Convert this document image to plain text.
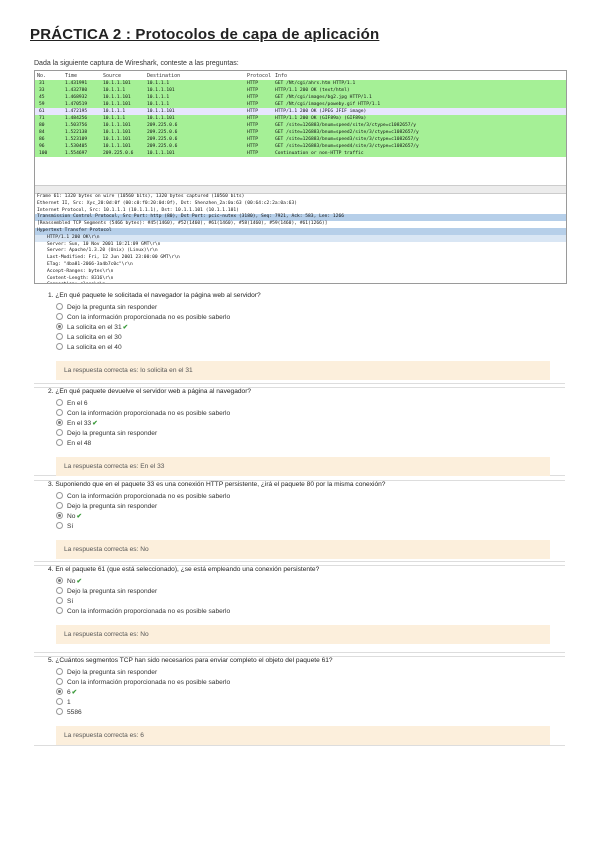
PRÁCTICA 2 : Protocolos de capa de aplicación
Dada la siguiente captura de Wireshark, conteste a las preguntas:
No.	Time	Source	Destination	Protocol Info
31	1.431991	10.1.1.101	10.1.1.1	HTTP	GET /Nt/cgi/ahrs.htm HTTP/1.1
33	1.432780	10.1.1.1	10.1.1.101	HTTP	HTTP/1.1 200 OK (text/html)
45	1.468932	10.1.1.101	10.1.1.1	HTTP	GET /Nt/cgi/images/bg2.jpg HTTP/1.1
59	1.470519	10.1.1.101	10.1.1.1	HTTP	GET /Nt/cgi/images/poweby.gif HTTP/1.1
61	1.472195	10.1.1.1	10.1.1.101	HTTP	HTTP/1.1 200 OK (JPEG JFIF image)
71	1.484256	10.1.1.1	10.1.1.101	HTTP	HTTP/1.1 200 OK (GIF89a) (GIF89a)
80	1.503756	10.1.1.101	209.225.0.6	HTTP	GET /site=126883/bnum=speed/site/3/ctype=c1082657/y
84	1.522138	10.1.1.101	209.225.0.6	HTTP	GET /site=126883/bnum=speed2/site/3/ctype=c1082657/y
86	1.523109	10.1.1.101	209.225.0.6	HTTP	GET /site=126883/bnum=speed3/site/3/ctype=c1082657/y
96	1.530405	10.1.1.101	209.225.0.6	HTTP	GET /site=126883/bnum=speed4/site/3/ctype=c1082657/y
100	1.554697	209.225.0.6	10.1.1.101	HTTP	Continuation or non-HTTP traffic
Frame 61: 1320 bytes on wire (10560 bits), 1320 bytes captured (10560 bits)
Ethernet II, Src: Xyc_20:0d:0f (00:c0:f0:20:0d:0f), Dst: Shenzhen_2a:0a:63 (00:64:c2:2a:0a:63)
Internet Protocol, Src: 10.1.1.1 (10.1.1.1), Dst: 10.1.1.101 (10.1.1.101)
Transmission Control Protocol, Src Port: http (80), Dst Port: pcic-nutex (3180), Seq: 7921, Ack: 583, Len: 1266
[Reassembled TCP Segments (5466 bytes): #45(1460), #52(1460), #61(1460), #58(1460), #59(1460), #61(1266)]
Hypertext Transfer Protocol
HTTP/1.1 200 OK\r\n
Server: Sun, 10 Nov 2001 10:21:09 GMT\r\n
Server: Apache/1.3.20 (Unix) (Linux)\r\n
Last-Modified: Fri, 12 Jun 2001 23:00:00 GMT\r\n
ETag: "4ba81-2066-3a4b7c0c"\r\n
Accept-Ranges: bytes\r\n
Content-Length: 8316\r\n
1. ¿En qué paquete le solicitada el navegador la página web al servidor?
Dejo la pregunta sin responder
Con la información proporcionada no es posible saberlo
La solicita en el 31✔
La solicita en el 30
La solicita en el 40
La respuesta correcta es: lo solicita en el 31
2. ¿En qué paquete devuelve el servidor web a página al navegador?
En el 6
Con la información proporcionada no es posible saberlo
En el 33✔
Dejo la pregunta sin responder
En el 48
La respuesta correcta es: En el 33
3. Suponiendo que en el paquete 33 es una conexión HTTP persistente, ¿irá el paquete 80 por la misma conexión?
Con la información proporcionada no es posible saberlo
Dejo la pregunta sin responder
No✔
Sí
La respuesta correcta es: No
4. En el paquete 61 (que está seleccionado), ¿se está empleando una conexión persistente?
No✔
Dejo la pregunta sin responder
Sí
Con la información proporcionada no es posible saberlo
La respuesta correcta es: No
5. ¿Cuántos segmentos TCP han sido necesarios para enviar completo el objeto del paquete 61?
Dejo la pregunta sin responder
Con la información proporcionada no es posible saberlo
6✔
1
5586
La respuesta correcta es: 6
